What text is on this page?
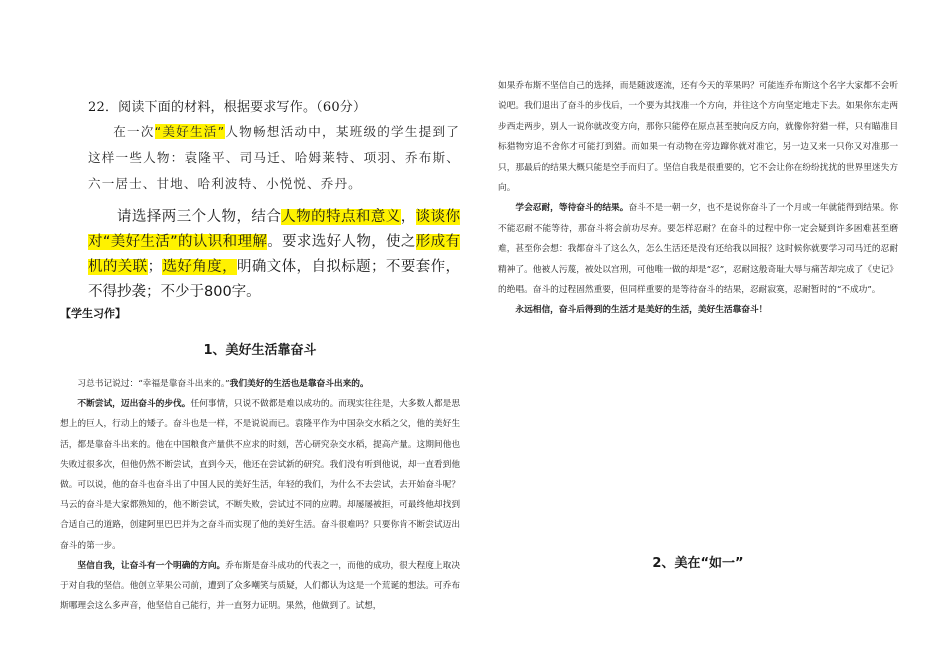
22．阅读下面的材料，根据要求写作。（60分）

在一次“美好生活”人物畅想活动中，某班级的学生提到了这样一些人物：袁隆平、司马迁、哈姆莱特、项羽、乔布斯、六一居士、甘地、哈利波特、小悦悦、乔丹。

请选择两三个人物，结合人物的特点和意义，谈谈你对“美好生活”的认识和理解。要求选好人物，使之形成有机的关联；选好角度，明确文体，自拟标题；不要套作，不得抄袭；不少于800字。

【学生习作】

1、美好生活靠奋斗

习总书记说过：“幸福是靠奋斗出来的。”我们美好的生活也是靠奋斗出来的。

不断尝试，迈出奋斗的步伐。任何事情，只说不做都是难以成功的。而现实往往是，大多数人都是思想上的巨人，行动上的矮子。奋斗也是一样，不是说说而已。袁隆平作为中国杂交水稻之父，他的美好生活，都是靠奋斗出来的。他在中国粮食产量供不应求的时刻，苦心研究杂交水稻，提高产量。这期间他也失败过很多次，但他仍然不断尝试，直到今天，他还在尝试新的研究。我们没有听到他说，却一直看到他做。可以说，他的奋斗也奋斗出了中国人民的美好生活，年轻的我们，为什么不去尝试，去开始奋斗呢？马云的奋斗是大家都熟知的，他不断尝试，不断失败，尝试过不同的应聘。却屡屡被拒，可最终他却找到合适自己的道路，创建阿里巴巴并为之奋斗而实现了他的美好生活。奋斗很难吗？只要你肯不断尝试迈出奋斗的第一步。

坚信自我，让奋斗有一个明确的方向。乔布斯是奋斗成功的代表之一，而他的成功，很大程度上取决于对自我的坚信。他创立苹果公司前，遭到了众多嘲笑与质疑，人们都认为这是一个荒诞的想法。可乔布斯哪理会这么多声音，他坚信自己能行，并一直努力证明。果然，他做到了。试想，

如果乔布斯不坚信自己的选择，而是随波逐流，还有今天的苹果吗？可能连乔布斯这个名字大家都不会听说吧。我们退出了奋斗的步伐后，一个要为其找准一个方向，并往这个方向坚定地走下去。如果你东走两步西走两步，别人一说你就改变方向，那你只能停在原点甚至驶向反方向，就像你狩猎一样，只有瞄准目标猎物穷追不舍你才可能打到猎。而如果一有动物在旁边蹿你就对准它，另一边又来一只你又对准那一只，那最后的结果大概只能是空手而归了。坚信自我是很重要的，它不会让你在纷纷扰扰的世界里迷失方向。

学会忍耐，等待奋斗的结果。奋斗不是一朝一夕，也不是说你奋斗了一个月或一年就能得到结果。你不能忍耐不能等待，那奋斗将会前功尽弃。要怎样忍耐？在奋斗的过程中你一定会疑到许多困难甚至磨难，甚至你会想：我都奋斗了这么久，怎么生活还是没有还给我以回报？这时候你就要学习司马迁的忍耐精神了。他被人污蔑，被处以宫刑，可他唯一做的却是“忍”，忍耐这般奇耻大辱与痛苦却完成了《史记》的绝唱。奋斗的过程固然重要，但同样重要的是等待奋斗的结果，忍耐寂寞，忍耐暂时的“不成功”。

永远相信，奋斗后得到的生活才是美好的生活，美好生活靠奋斗！

2、美在“如一”
